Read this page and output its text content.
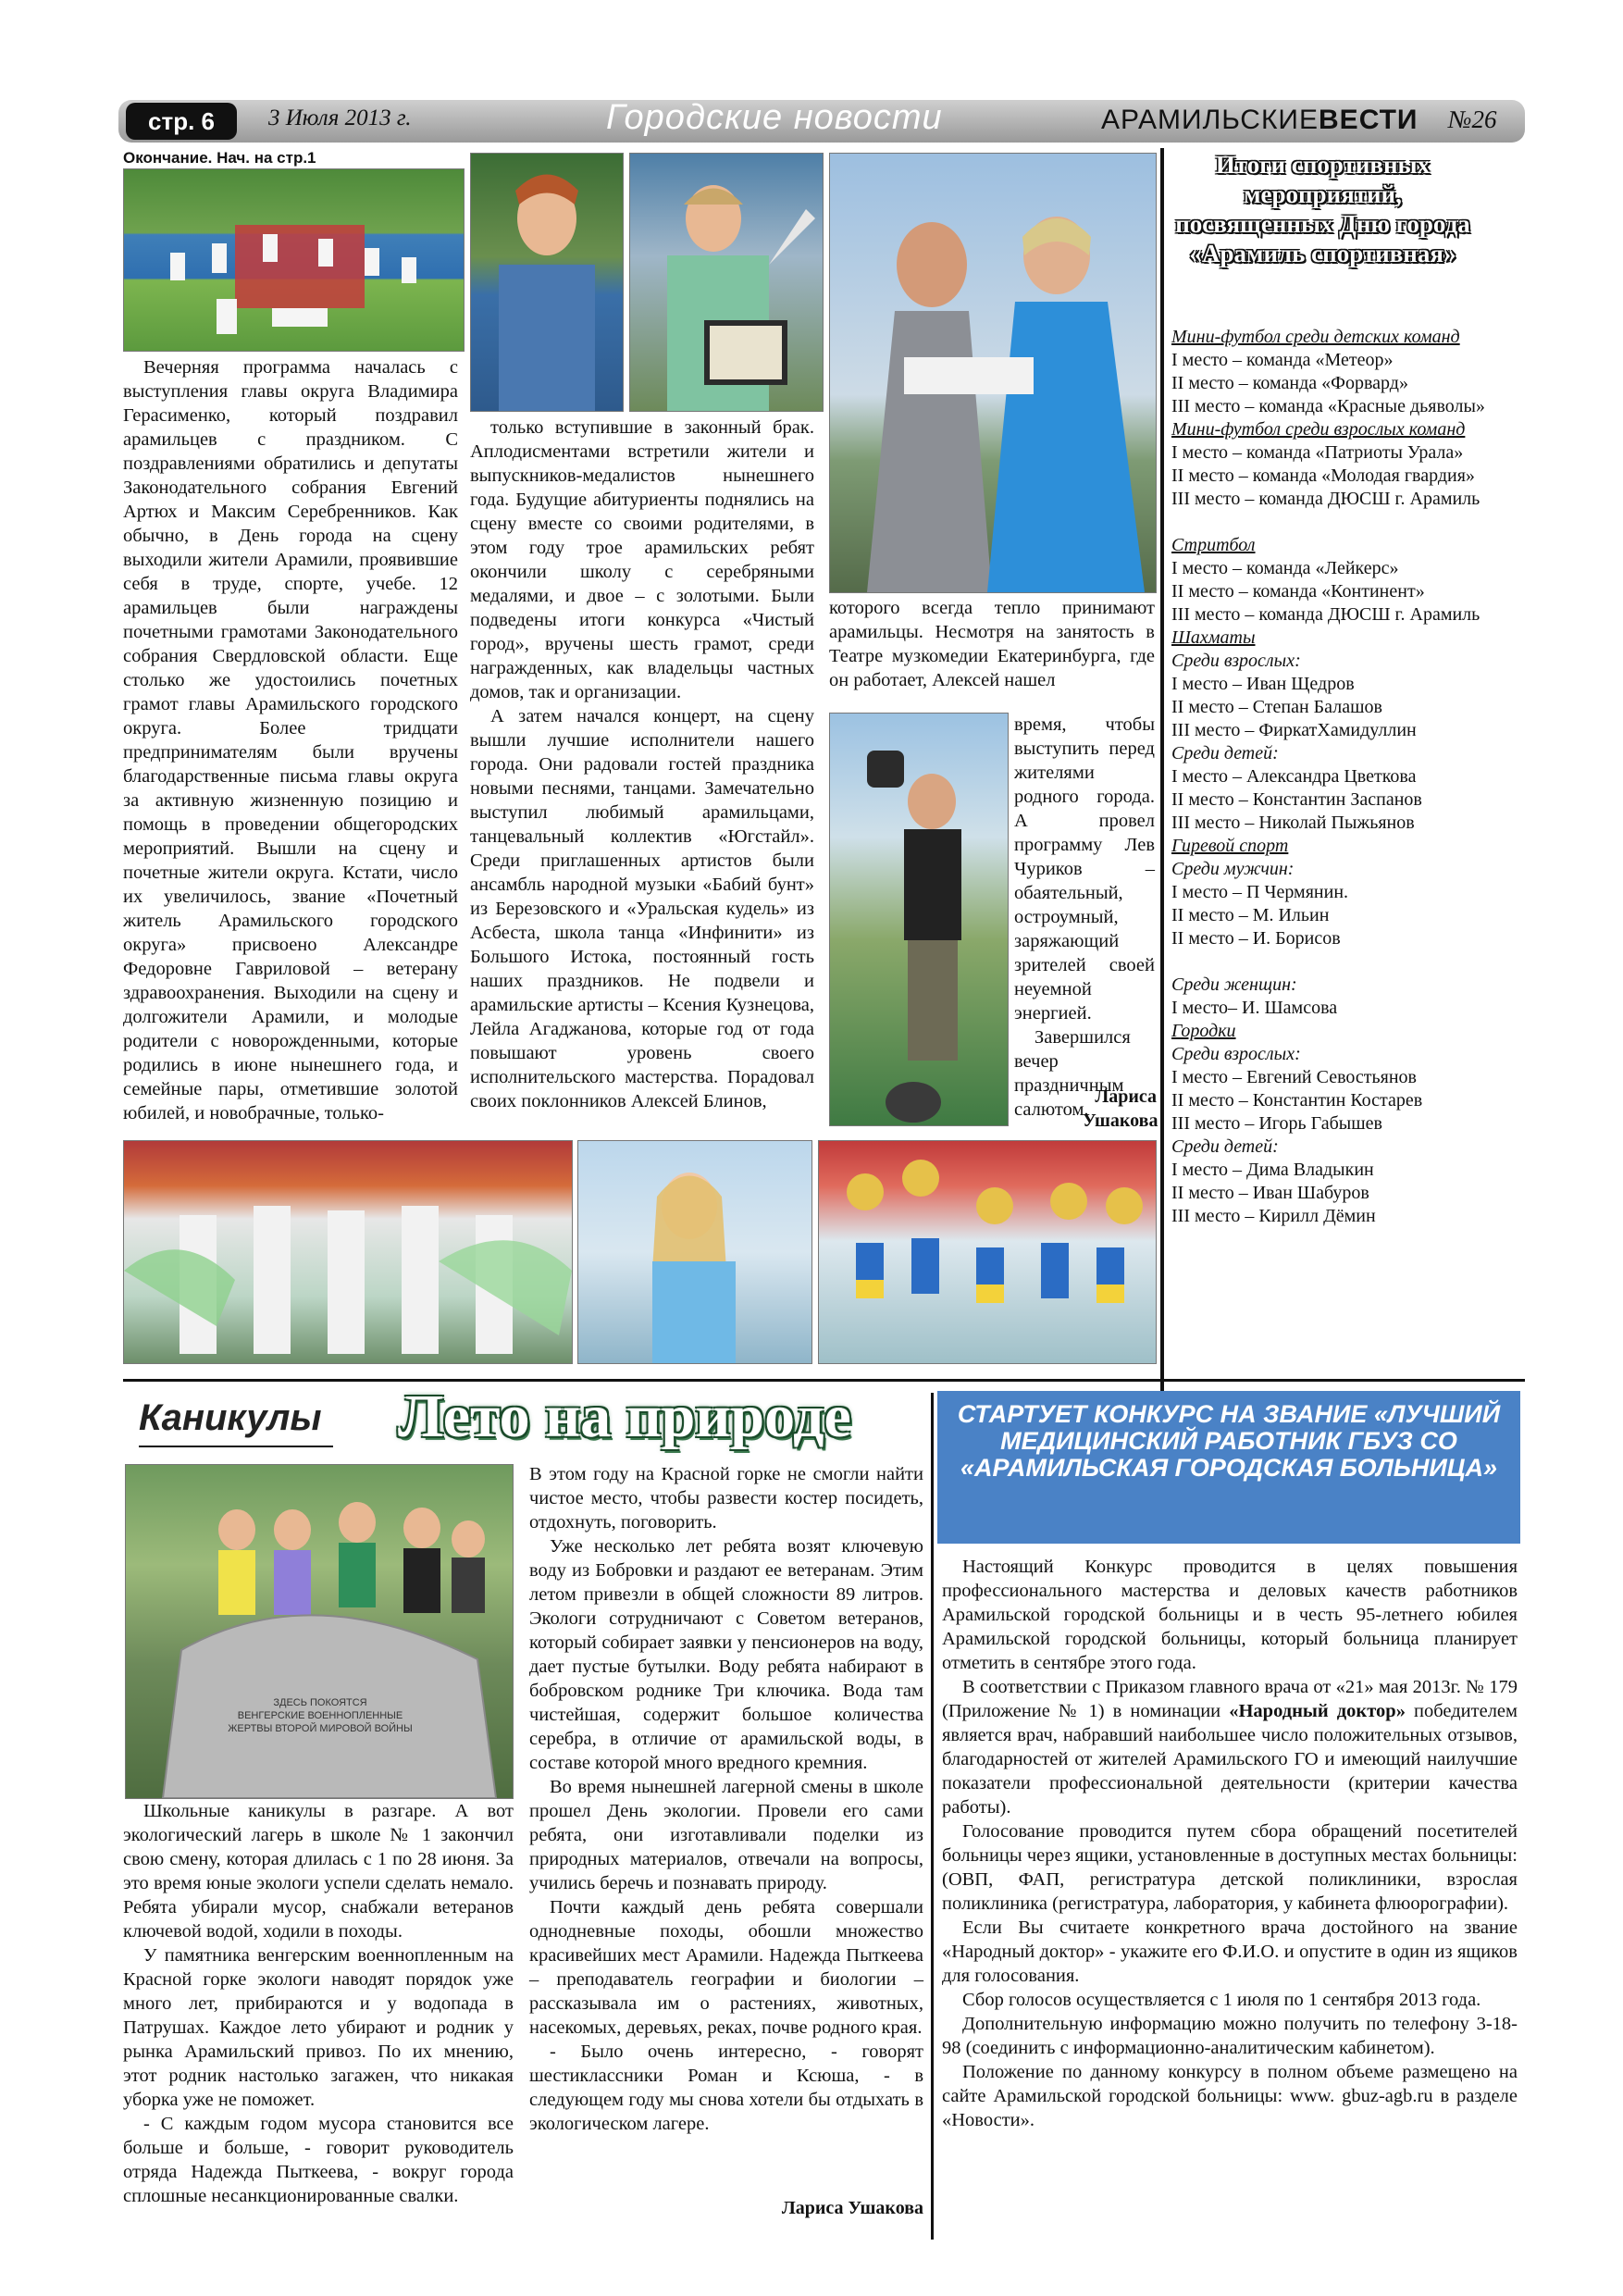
стр. 6	3 Июля 2013 г.	Городские новости	АРАМИЛЬСКИЕВЕСТИ №26
Окончание. Нач. на стр.1

Вечерняя программа началась с выступления главы округа Владимира Герасименко, который поздравил арамильцев с праздником. С поздравлениями обратились и депутаты Законодательного собрания Евгений Артюх и Максим Серебренников. Как обычно, в День города на сцену выходили жители Арамили, проявившие себя в труде, спорте, учебе. 12 арамильцев были награждены почетными грамотами Законодательного собрания Свердловской области. Еще столько же удостоились почетных грамот главы Арамильского городского округа. Более тридцати предпринимателям были вручены благодарственные письма главы округа за активную жизненную позицию и помощь в проведении общегородских мероприятий. Вышли на сцену и почетные жители округа. Кстати, число их увеличилось, звание «Почетный житель Арамильского городского округа» присвоено Александре Федоровне Гавриловой – ветерану здравоохранения. Выходили на сцену и долгожители Арамили, и молодые родители с новорожденными, которые родились в июне нынешнего года, и семейные пары, отметившие золотой юбилей, и новобрачные, только-

только вступившие в законный брак. Аплодисментами встретили жители и выпускников-медалистов нынешнего года. Будущие абитуриенты поднялись на сцену вместе со своими родителями, в этом году трое арамильских ребят окончили школу с серебряными медалями, и двое – с золотыми. Были подведены итоги конкурса «Чистый город», вручены шесть грамот, среди награжденных, как владельцы частных домов, так и организации.

А затем начался концерт, на сцену вышли лучшие исполнители нашего города. Они радовали гостей праздника новыми песнями, танцами. Замечательно выступил любимый арамильцами, танцевальный коллектив «Югстайл». Среди приглашенных артистов были ансамбль народной музыки «Бабий бунт» из Березовского и «Уральская кудель» из Асбеста, школа танца «Инфинити» из Большого Истока, постоянный гость наших праздников. Не подвели и арамильские артисты – Ксения Кузнецова, Лейла Агаджанова, которые год от года повышают уровень своего исполнительского мастерства. Порадовал своих поклонников Алексей Блинов,

которого всегда тепло принимают арамильцы. Несмотря на занятость в Театре музкомедии Екатеринбурга, где он работает, Алексей нашел

время, чтобы выступить перед жителями родного города. А провел программу Лев Чуриков – обаятельный, остроумный, заряжающий зрителей своей неуемной энергией.

Завершился вечер праздничным салютом.

Лариса
Ушакова
Итоги спортивных мероприятий, посвященных Дню города «Арамиль спортивная»
Мини-футбол среди детских команд
I место – команда «Метеор»
II место – команда «Форвард»
III место – команда «Красные дьяволы»
Мини-футбол среди взрослых команд
I место – команда «Патриоты Урала»
II место – команда «Молодая гвардия»
III место – команда ДЮСШ г. Арамиль
Стритбол
I место – команда «Лейкерс»
II место – команда «Континент»
III место – команда ДЮСШ г. Арамиль
Шахматы
Среди взрослых:
I место – Иван Щедров
II место – Степан Балашов
III место – ФиркатХамидуллин
Среди детей:
I место – Александра Цветкова
II место – Константин Заспанов
III место – Николай Пыжьянов
Гиревой спорт
Среди мужчин:
I место – П Чермянин.
II место – М. Ильин
II место – И. Борисов
Среди женщин:
I место– И. Шамсова
Городки
Среди взрослых:
I место – Евгений Севостьянов
II место – Константин Костарев
III место – Игорь Габышев
Среди детей:
I место – Дима Владыкин
II место – Иван Шабуров
III место – Кирилл Дёмин
Каникулы Лето на природе
ЗДЕСЬ ПОКОЯТСЯ ВЕНГЕРСКИЕ ВОЕННОПЛЕННЫЕ ЖЕРТВЫ ВТОРОЙ МИРОВОЙ ВОЙНЫ

Школьные каникулы в разгаре. А вот экологический лагерь в школе № 1 закончил свою смену, которая длилась с 1 по 28 июня. За это время юные экологи успели сделать немало. Ребята убирали мусор, снабжали ветеранов ключевой водой, ходили в походы.

У памятника венгерским военнопленным на Красной горке экологи наводят порядок уже много лет, прибираются и у водопада в Патрушах. Каждое лето убирают и родник у рынка Арамильский привоз. По их мнению, этот родник настолько загажен, что никакая уборка уже не поможет.

- С каждым годом мусора становится все больше и больше, - говорит руководитель отряда Надежда Пыткеева, - вокруг города сплошные несанкционированные свалки.

В этом году на Красной горке не смогли найти чистое место, чтобы развести костер посидеть, отдохнуть, поговорить.

Уже несколько лет ребята возят ключевую воду из Бобровки и раздают ее ветеранам. Этим летом привезли в общей сложности 89 литров. Экологи сотрудничают с Советом ветеранов, который собирает заявки у пенсионеров на воду, дает пустые бутылки. Воду ребята набирают в бобровском роднике Три ключика. Вода там чистейшая, содержит большое количества серебра, в отличие от арамильской воды, в составе которой много вредного кремния.

Во время нынешней лагерной смены в школе прошел День экологии. Провели его сами ребята, они изготавливали поделки из природных материалов, отвечали на вопросы, учились беречь и познавать природу.

Почти каждый день ребята совершали однодневные походы, обошли множество красивейших мест Арамили. Надежда Пыткеева – преподаватель географии и биологии – рассказывала им о растениях, животных, насекомых, деревьях, реках, почве родного края.

- Было очень интересно, - говорят шестиклассники Роман и Ксюша, - в следующем году мы снова хотели бы отдыхать в экологическом лагере.

Лариса Ушакова
СТАРТУЕТ КОНКУРС НА ЗВАНИЕ «ЛУЧШИЙ МЕДИЦИНСКИЙ РАБОТНИК ГБУЗ СО «АРАМИЛЬСКАЯ ГОРОДСКАЯ БОЛЬНИЦА»

Настоящий Конкурс проводится в целях повышения профессионального мастерства и деловых качеств работников Арамильской городской больницы и в честь 95-летнего юбилея Арамильской городской больницы, который больница планирует отметить в сентябре этого года.

В соответствии с Приказом главного врача от «21» мая 2013г. № 179 (Приложение № 1) в номинации «Народный доктор» победителем является врач, набравший наибольшее число положительных отзывов, благодарностей от жителей Арамильского ГО и имеющий наилучшие показатели профессиональной деятельности (критерии качества работы).

Голосование проводится путем сбора обращений посетителей больницы через ящики, установленные в доступных местах больницы: (ОВП, ФАП, регистратура детской поликлиники, взрослая поликлиника (регистратура, лаборатория, у кабинета флюорографии).

Если Вы считаете конкретного врача достойного на звание «Народный доктор» - укажите его Ф.И.О. и опустите в один из ящиков для голосования.

Сбор голосов осуществляется с 1 июля по 1 сентября 2013 года.

Дополнительную информацию можно получить по телефону 3-18-98 (соединить с информационно-аналитическим кабинетом).

Положение по данному конкурсу в полном объеме размещено на сайте Арамильской городской больницы: www. gbuz-agb.ru в разделе «Новости».
